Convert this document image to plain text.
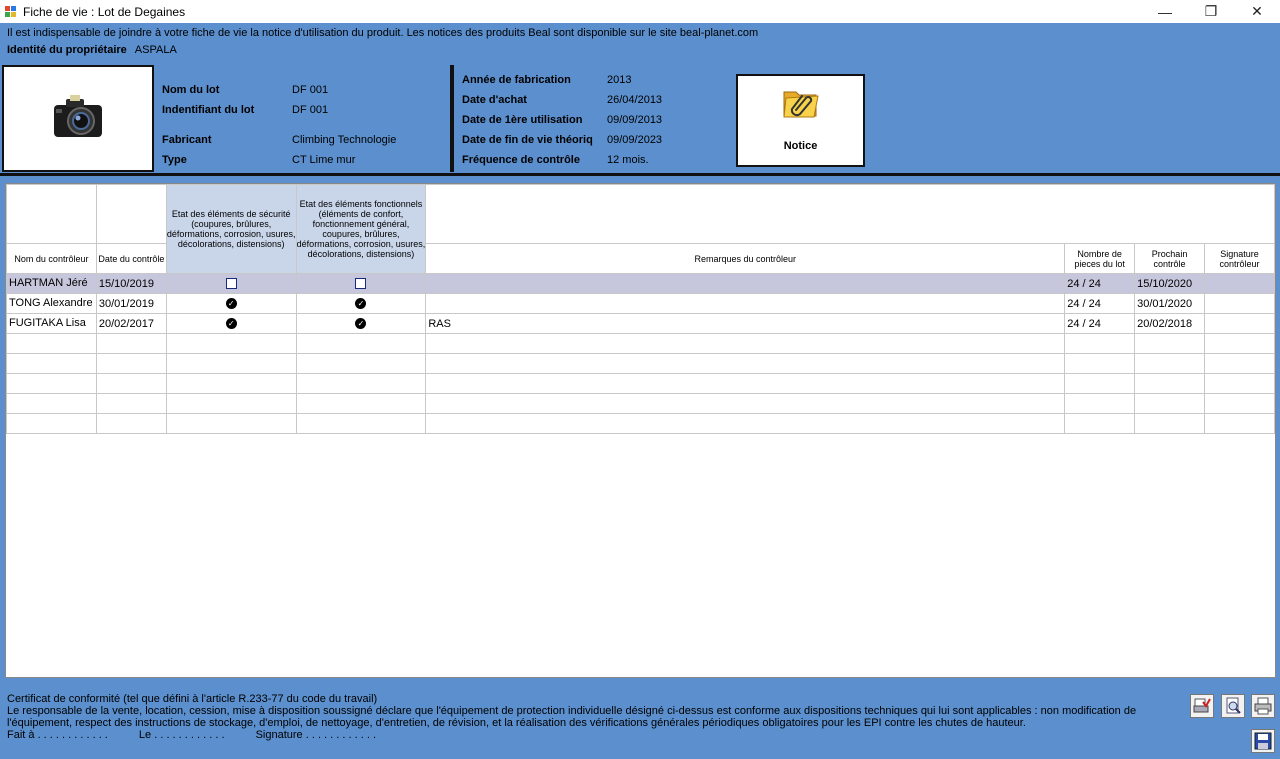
Fiche de vie : Lot de Degaines	—	❐	✕
Il est indispensable de joindre à votre fiche de vie la notice d'utilisation du produit. Les notices des produits Beal sont disponible sur le site beal-planet.com
Identité du propriétaire ASPALA
Nom du lot	DF 001
Indentifiant du lot	DF 001
Fabricant	Climbing Technologie
Type	CT Lime mur
Année de fabrication	2013
Date d'achat	26/04/2013
Date de 1ère utilisation 09/09/2013
Date de fin de vie théoriq 09/09/2023
Fréquence de contrôle 12 mois.
Notice
		Etat des éléments de sécurité (coupures, brûlures, déformations, corrosion, usures, décolorations, distensions)	Etat des éléments fonctionnels (éléments de confort, fonctionnement général, coupures, brûlures, déformations, corrosion, usures, décolorations, distensions)				
Nom du contrôleur	Date du contrôle			Remarques du contrôleur	Nombre de pieces du lot	Prochain contrôle	Signature contrôleur
HARTMAN Jéré	15/10/2019				24 / 24	15/10/2020	
TONG Alexandre	30/01/2019	✓	✓		24 / 24	30/01/2020	
FUGITAKA Lisa	20/02/2017	✓	✓	RAS	24 / 24	20/02/2018	

Certificat de conformité (tel que défini à l'article R.233-77 du code du travail)
Le responsable de la vente, location, cession, mise à disposition soussigné déclare que l'équipement de protection individuelle désigné ci-dessus est conforme aux dispositions techniques qui lui sont applicables : non modification de
l'équipement, respect des instructions de stockage, d'emploi, de nettoyage, d'entretien, de révision, et la réalisation des vérifications générales périodiques obligatoires pour les EPI contre les chutes de hauteur.
Fait à . . . . . . . . . . . .	Le . . . . . . . . . . . .	Signature . . . . . . . . . . . .
